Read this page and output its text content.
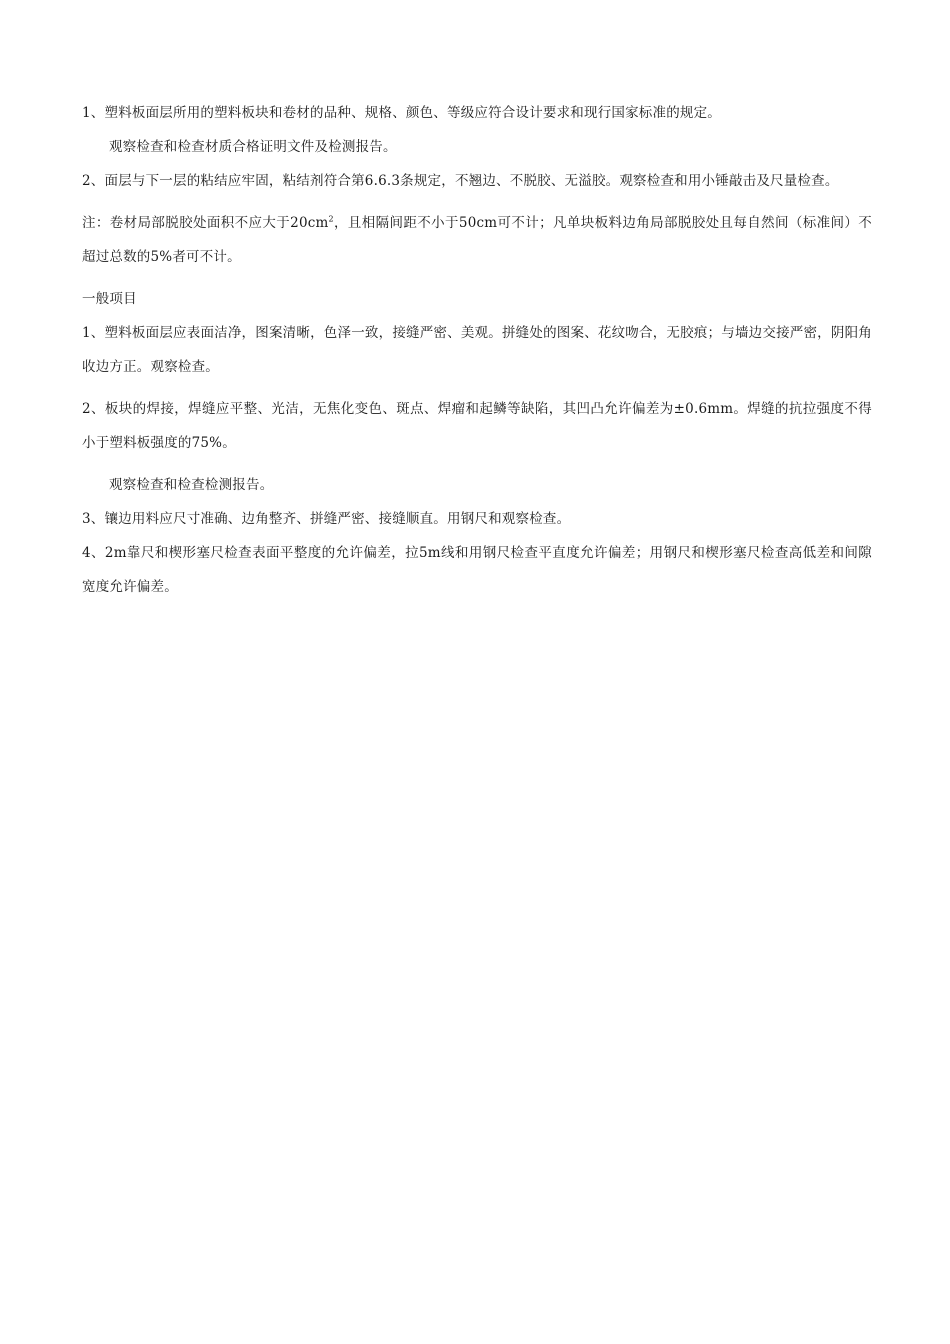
1、塑料板面层所用的塑料板块和卷材的品种、规格、颜色、等级应符合设计要求和现行国家标准的规定。

观察检查和检查材质合格证明文件及检测报告。

2、面层与下一层的粘结应牢固，粘结剂符合第6.6.3条规定，不翘边、不脱胶、无溢胶。观察检查和用小锤敲击及尺量检查。

注：卷材局部脱胶处面积不应大于$20cm^2$，且相隔间距不小于50cm可不计；凡单块板料边角局部脱胶处且每自然间（标准间）不超过总数的5%者可不计。

一般项目

1、塑料板面层应表面洁净，图案清晰，色泽一致，接缝严密、美观。拼缝处的图案、花纹吻合，无胶痕；与墙边交接严密，阴阳角收边方正。观察检查。

2、板块的焊接，焊缝应平整、光洁，无焦化变色、斑点、焊瘤和起鳞等缺陷，其凹凸允许偏差为±0.6mm。焊缝的抗拉强度不得小于塑料板强度的75%。

观察检查和检查检测报告。

3、镶边用料应尺寸准确、边角整齐、拼缝严密、接缝顺直。用钢尺和观察检查。

4、2m靠尺和楔形塞尺检查表面平整度的允许偏差，拉5m线和用钢尺检查平直度允许偏差；用钢尺和楔形塞尺检查高低差和间隙宽度允许偏差。
